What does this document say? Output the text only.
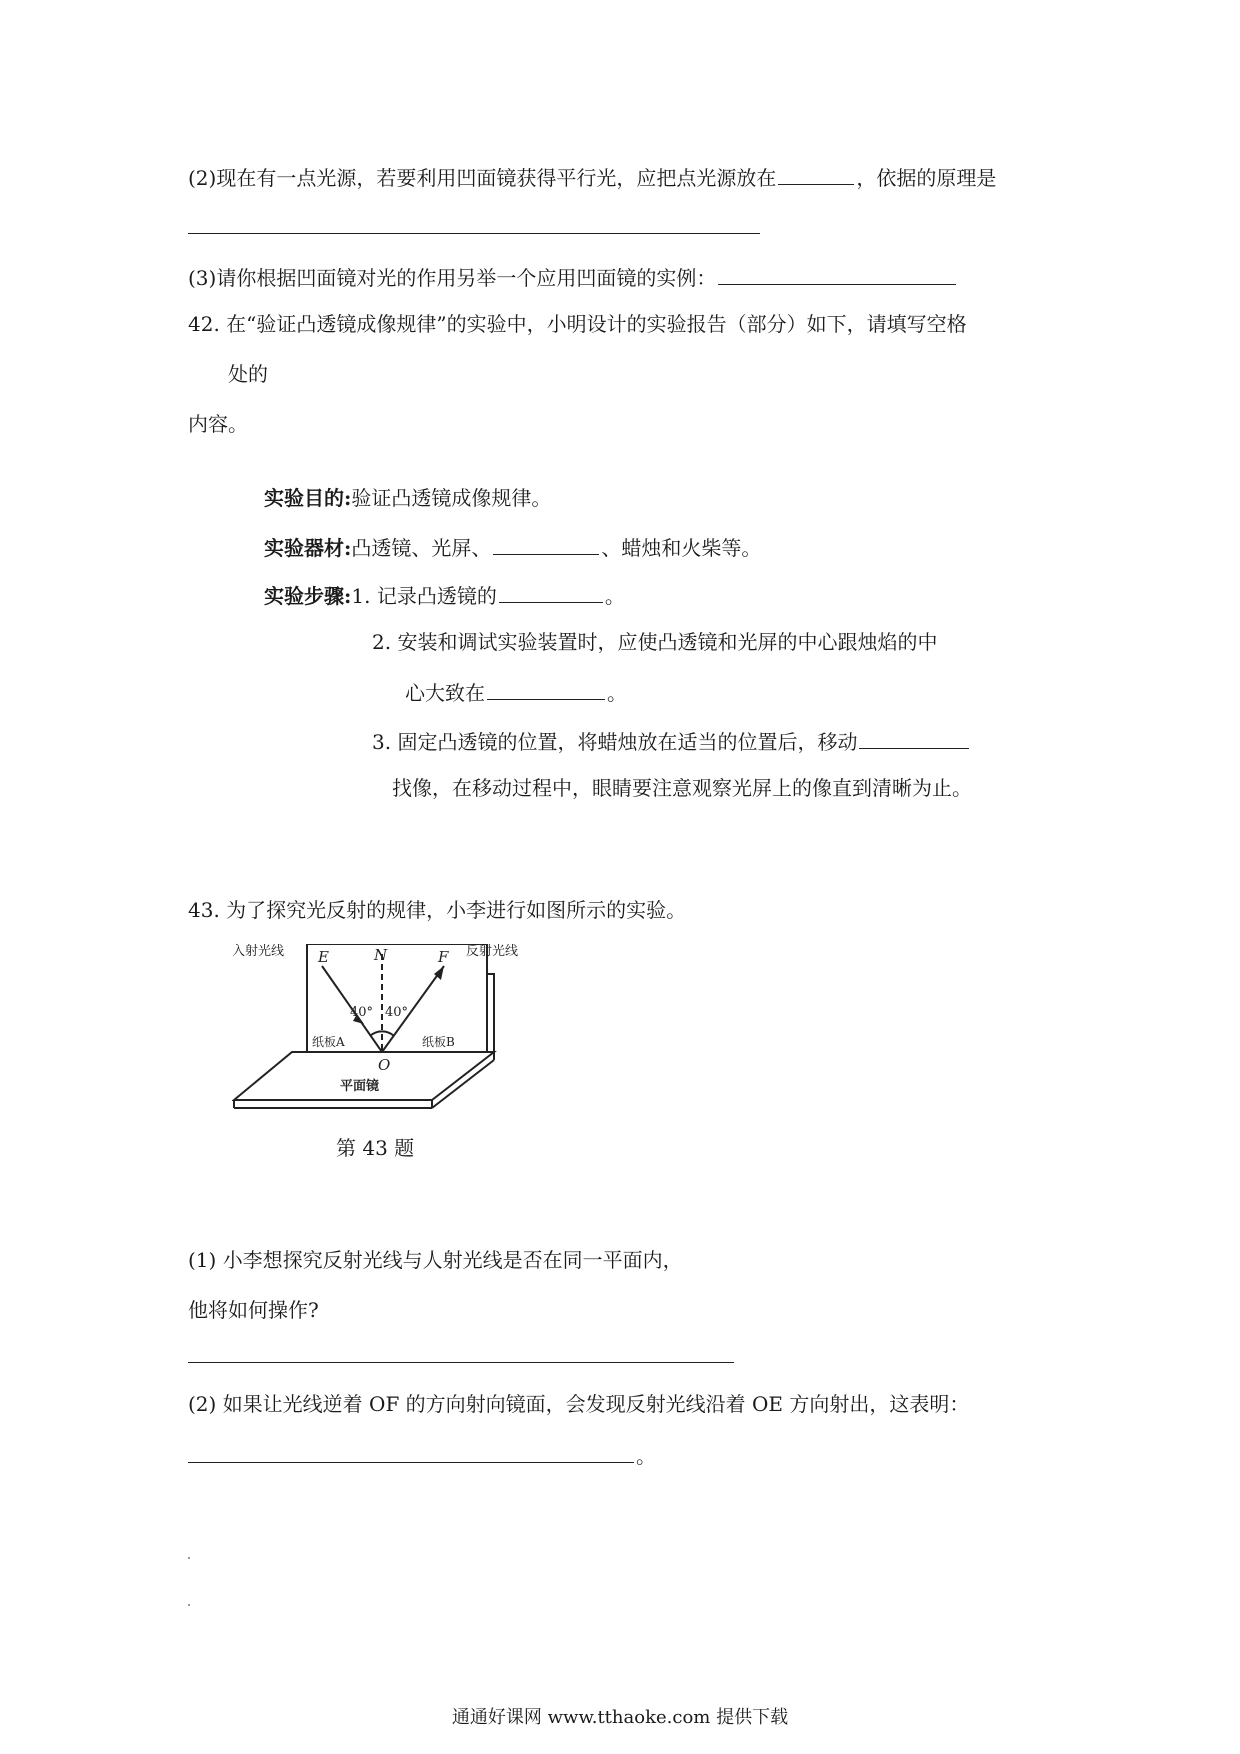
(2)现在有一点光源，若要利用凹面镜获得平行光，应把点光源放在	，依据的原理是
(3)请你根据凹面镜对光的作用另举一个应用凹面镜的实例：
42. 在“验证凸透镜成像规律”的实验中，小明设计的实验报告（部分）如下，请填写空格
处的
内容。
实验目的:验证凸透镜成像规律。
实验器材:凸透镜、光屏、	、蜡烛和火柴等。
实验步骤:1. 记录凸透镜的	。
2. 安装和调试实验装置时，应使凸透镜和光屏的中心跟烛焰的中
心大致在	。
3. 固定凸透镜的位置，将蜡烛放在适当的位置后，移动
找像，在移动过程中，眼睛要注意观察光屏上的像直到清晰为止。
43. 为了探究光反射的规律，小李进行如图所示的实验。
E	N	F
O
40° 40°
纸板A	纸板B
平面镜
入射光线	反射光线
第 43 题
(1) 小李想探究反射光线与人射光线是否在同一平面内，
他将如何操作?
(2) 如果让光线逆着 OF 的方向射向镜面，会发现反射光线沿着 OE 方向射出，这表明：
。
通通好课网 www.tthaoke.com 提供下载
